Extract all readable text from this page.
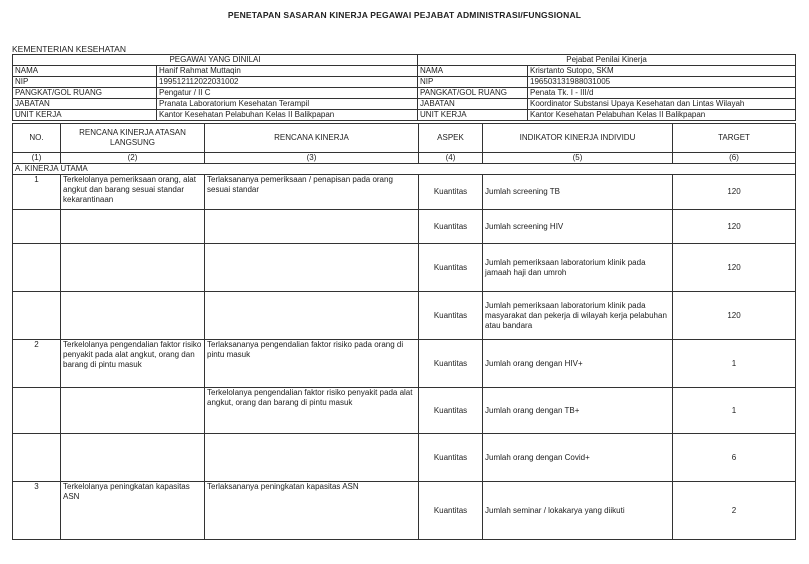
PENETAPAN SASARAN KINERJA PEGAWAI PEJABAT ADMINISTRASI/FUNGSIONAL
KEMENTERIAN KESEHATAN
PEGAWAI YANG DINILAI		Pejabat Penilai Kinerja	
NAMA	Hanif Rahmat Muttaqin	NAMA	Krisrtanto Sutopo, SKM
NIP	199512112022031002	NIP	196503131988031005
PANGKAT/GOL RUANG	Pengatur / II C	PANGKAT/GOL RUANG	Penata Tk. I - III/d
JABATAN	Pranata Laboratorium Kesehatan Terampil	JABATAN	Koordinator Substansi Upaya Kesehatan dan Lintas Wilayah
UNIT KERJA	Kantor Kesehatan Pelabuhan Kelas II Balikpapan	UNIT KERJA	Kantor Kesehatan Pelabuhan Kelas II Balikpapan
NO.	RENCANA KINERJA ATASAN LANGSUNG	RENCANA KINERJA	ASPEK	INDIKATOR KINERJA INDIVIDU	TARGET
(1)	(2)	(3)	(4)	(5)	(6)
A. KINERJA UTAMA					
1	Terkelolanya pemeriksaan orang, alat angkut dan barang sesuai standar kekarantinaan	Terlaksananya pemeriksaan / penapisan pada orang sesuai standar	Kuantitas	Jumlah screening TB	120
			Kuantitas	Jumlah screening HIV	120
			Kuantitas	Jumlah pemeriksaan laboratorium klinik pada jamaah haji dan umroh	120
			Kuantitas	Jumlah pemeriksaan laboratorium klinik pada masyarakat dan pekerja di wilayah kerja pelabuhan atau bandara	120
2	Terkelolanya pengendalian faktor risiko penyakit pada alat angkut, orang dan barang di pintu masuk	Terlaksananya pengendalian faktor risiko pada orang di pintu masuk	Kuantitas	Jumlah orang dengan HIV+	1
		Terkelolanya pengendalian faktor risiko penyakit pada alat angkut, orang dan barang di pintu masuk	Kuantitas	Jumlah orang dengan TB+	1
			Kuantitas	Jumlah orang dengan Covid+	6
3	Terkelolanya peningkatan kapasitas ASN	Terlaksananya peningkatan kapasitas ASN	Kuantitas	Jumlah seminar / lokakarya yang diikuti	2
